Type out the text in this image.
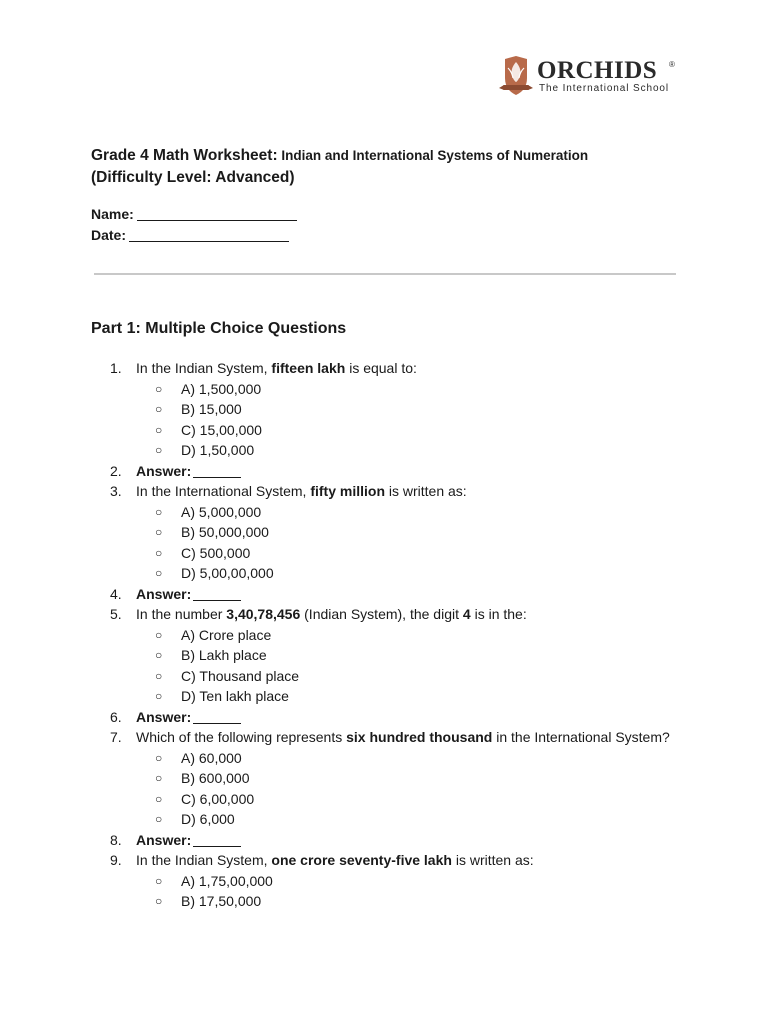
ORCHIDS ®
The International School
Grade 4 Math Worksheet: Indian and International Systems of Numeration
(Difficulty Level: Advanced)
Name:
Date:
Part 1: Multiple Choice Questions
1.	In the Indian System, fifteen lakh is equal to:
○	A) 1,500,000
○	B) 15,000
○	C) 15,00,000
○	D) 1,50,000
2.	Answer:
3.	In the International System, fifty million is written as:
○	A) 5,000,000
○	B) 50,000,000
○	C) 500,000
○	D) 5,00,00,000
4.	Answer:
5.	In the number 3,40,78,456 (Indian System), the digit 4 is in the:
○	A) Crore place
○	B) Lakh place
○	C) Thousand place
○	D) Ten lakh place
6.	Answer:
7.	Which of the following represents six hundred thousand in the International System?
○	A) 60,000
○	B) 600,000
○	C) 6,00,000
○	D) 6,000
8.	Answer:
9.	In the Indian System, one crore seventy-five lakh is written as:
○	A) 1,75,00,000
○	B) 17,50,000
